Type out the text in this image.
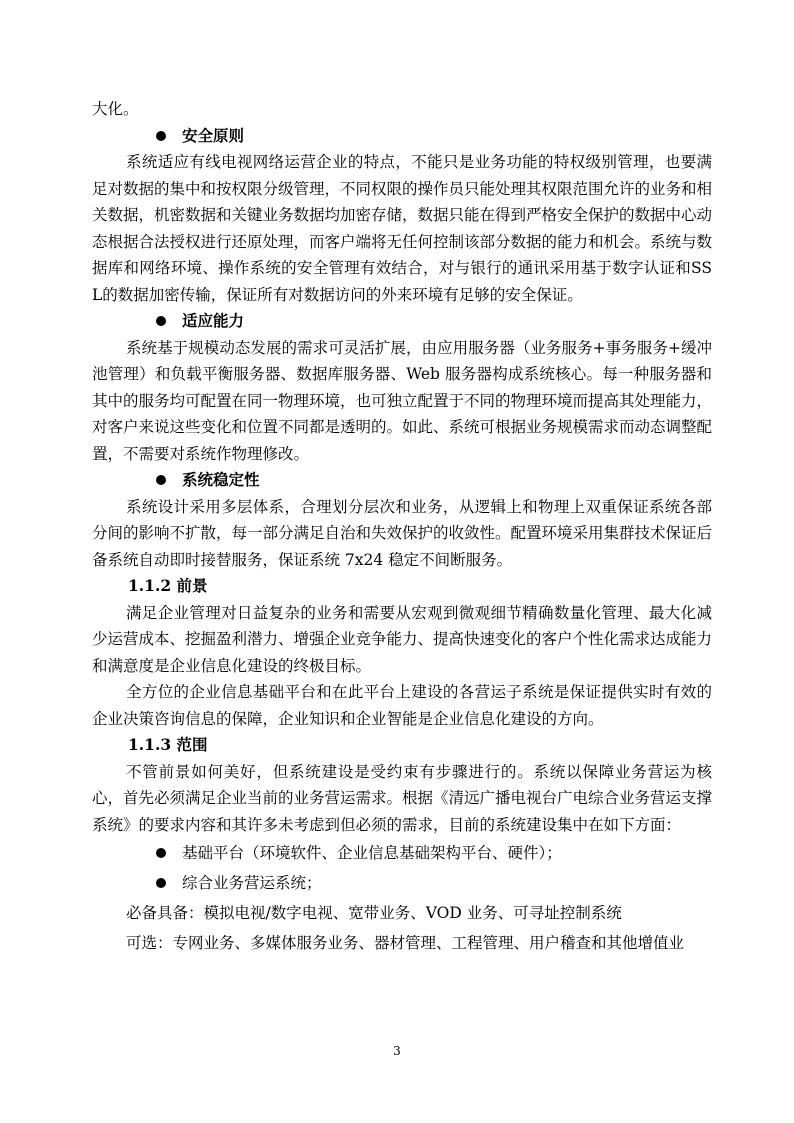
大化。

安全原则

系统适应有线电视网络运营企业的特点，不能只是业务功能的特权级别管理，也要满足对数据的集中和按权限分级管理，不同权限的操作员只能处理其权限范围允许的业务和相关数据，机密数据和关键业务数据均加密存储，数据只能在得到严格安全保护的数据中心动态根据合法授权进行还原处理，而客户端将无任何控制该部分数据的能力和机会。系统与数据库和网络环境、操作系统的安全管理有效结合，对与银行的通讯采用基于数字认证和SSL的数据加密传输，保证所有对数据访问的外来环境有足够的安全保证。

适应能力

系统基于规模动态发展的需求可灵活扩展，由应用服务器（业务服务+事务服务+缓冲池管理）和负载平衡服务器、数据库服务器、Web 服务器构成系统核心。每一种服务器和其中的服务均可配置在同一物理环境，也可独立配置于不同的物理环境而提高其处理能力，对客户来说这些变化和位置不同都是透明的。如此、系统可根据业务规模需求而动态调整配置，不需要对系统作物理修改。

系统稳定性

系统设计采用多层体系，合理划分层次和业务，从逻辑上和物理上双重保证系统各部分间的影响不扩散，每一部分满足自治和失效保护的收敛性。配置环境采用集群技术保证后备系统自动即时接替服务，保证系统 7x24 稳定不间断服务。

1.1.2 前景

满足企业管理对日益复杂的业务和需要从宏观到微观细节精确数量化管理、最大化减少运营成本、挖掘盈利潜力、增强企业竞争能力、提高快速变化的客户个性化需求达成能力和满意度是企业信息化建设的终极目标。

全方位的企业信息基础平台和在此平台上建设的各营运子系统是保证提供实时有效的企业决策咨询信息的保障，企业知识和企业智能是企业信息化建设的方向。

1.1.3 范围

不管前景如何美好，但系统建设是受约束有步骤进行的。系统以保障业务营运为核心，首先必须满足企业当前的业务营运需求。根据《清远广播电视台广电综合业务营运支撑系统》的要求内容和其许多未考虑到但必须的需求，目前的系统建设集中在如下方面：

基础平台（环境软件、企业信息基础架构平台、硬件）；

综合业务营运系统；

必备具备：模拟电视/数字电视、宽带业务、VOD 业务、可寻址控制系统

可选：专网业务、多媒体服务业务、器材管理、工程管理、用户稽查和其他增值业

3
